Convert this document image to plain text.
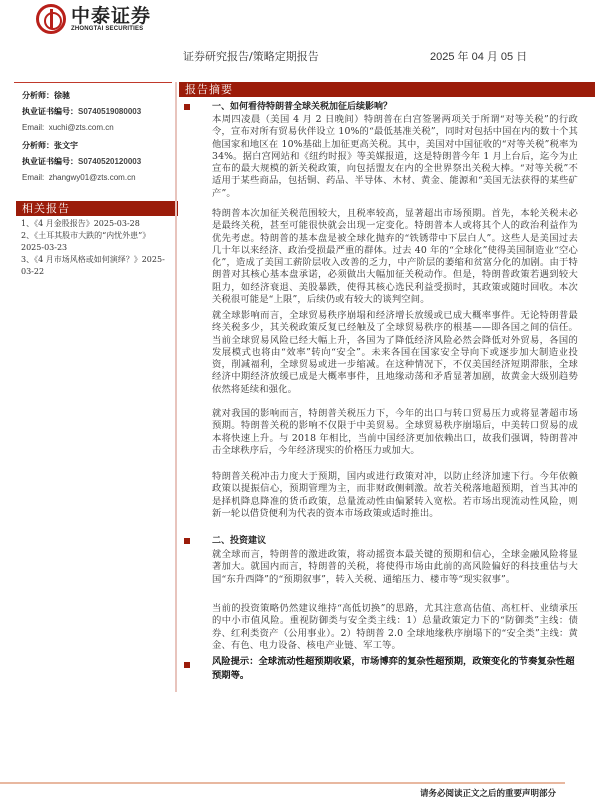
中泰证券
ZHONGTAI SECURITIES
证券研究报告/策略定期报告	2025 年 04 月 05 日
分析师：徐驰
执业证书编号：S0740519080003
Email: xuchi@zts.com.cn
分析师：张文宇
执业证书编号：S0740520120003
Email: zhangwy01@zts.com.cn
相关报告
1、《4 月金股报告》2025-03-28
2、《土耳其股市大跌的“内忧外患”》2025-03-23
3、《4 月市场风格或如何演绎？》2025-03-22
报告摘要
一、如何看待特朗普全球关税加征后续影响？
本周四凌晨（美国 4 月 2 日晚间）特朗普在白宫签署两项关于所谓“对等关税”的行政令，宣布对所有贸易伙伴设立 10%的“最低基准关税”，同时对包括中国在内的数十个其他国家和地区在 10%基础上加征更高关税。其中，美国对中国征收的“对等关税”税率为 34%。据白宫网站和《纽约时报》等美媒报道，这是特朗普今年 1 月上台后，迄今为止宣布的最大规模的新关税政策，向包括盟友在内的全世界祭出关税大棒。“对等关税”不适用于某些商品，包括铜、药品、半导体、木材、黄金、能源和“美国无法获得的某些矿产”。
特朗普本次加征关税范围较大，且税率较高，显著超出市场预期。首先，本轮关税未必是最终关税，甚至可能很快就会出现一定变化。特朗普本人或将其个人的政治利益作为优先考虑。特朗普的基本盘是被全球化抛弃的“铁锈带中下层白人”。这些人是美国过去几十年以来经济、政治受损最严重的群体。过去 40 年的“全球化”使得美国制造业“空心化”，造成了美国工薪阶层收入改善的乏力，中产阶层的萎缩和贫富分化的加剧。由于特朗普对其核心基本盘承诺，必须做出大幅加征关税动作。但是，特朗普政策若遇到较大阻力，如经济衰退、美股暴跌，使得其核心选民利益受损时，其政策或随时回收。本次关税很可能是“上限”，后续仍或有较大的谈判空间。
就全球影响而言，全球贸易秩序崩塌和经济增长放缓或已成大概率事件。无论特朗普最终关税多少，其关税政策反复已经触及了全球贸易秩序的根基——即各国之间的信任。当前全球贸易风险已经大幅上升，各国为了降低经济风险必然会降低对外贸易，各国的发展模式也将由“效率”转向“安全”。未来各国在国家安全导向下或逐步加大制造业投资，削减福利，全球贸易或进一步缩减。在这种情况下，不仅美国经济短期滞胀，全球经济中期经济放缓已成是大概率事件，且地缘动荡和矛盾显著加剧，故黄金大级别趋势依然将延续和强化。
就对我国的影响而言，特朗普关税压力下，今年的出口与转口贸易压力或将显著超市场预期。特朗普关税的影响不仅限于中美贸易。全球贸易秩序崩塌后，中美转口贸易的成本将快速上升。与 2018 年相比，当前中国经济更加依赖出口，故我们强调，特朗普冲击全球秩序后，今年经济现实的价格压力或加大。
特朗普关税冲击力度大于预期，国内或进行政策对冲，以防止经济加速下行。今年依赖政策以提振信心，预期管理为主，而非财政侧刺激。故若关税落地超预期，首当其冲的是择机降息降准的货币政策，总量流动性由偏紧转入宽松。若市场出现流动性风险，则新一轮以借贷便利为代表的资本市场政策或适时推出。
二、投资建议
就全球而言，特朗普的激进政策，将动摇资本最关键的预期和信心，全球金融风险将显著加大。就国内而言，特朗普的关税，将使得市场由此前的高风险偏好的科技重估与大国“东升西降”的“预期叙事”，转入关税、通缩压力、楼市等“现实叙事”。
当前的投资策略仍然建议维持“高低切换”的思路，尤其注意高估值、高杠杆、业绩承压的中小市值风险。重视防御类与安全类主线：1）总量政策定力下的“防御类”主线：债券、红利类资产（公用事业）。2）特朗普 2.0 全球地缘秩序崩塌下的“安全类”主线：黄金、有色、电力设备、核电产业链、军工等。
风险提示：全球流动性超预期收紧，市场博弈的复杂性超预期，政策变化的节奏复杂性超预期等。
请务必阅读正文之后的重要声明部分
